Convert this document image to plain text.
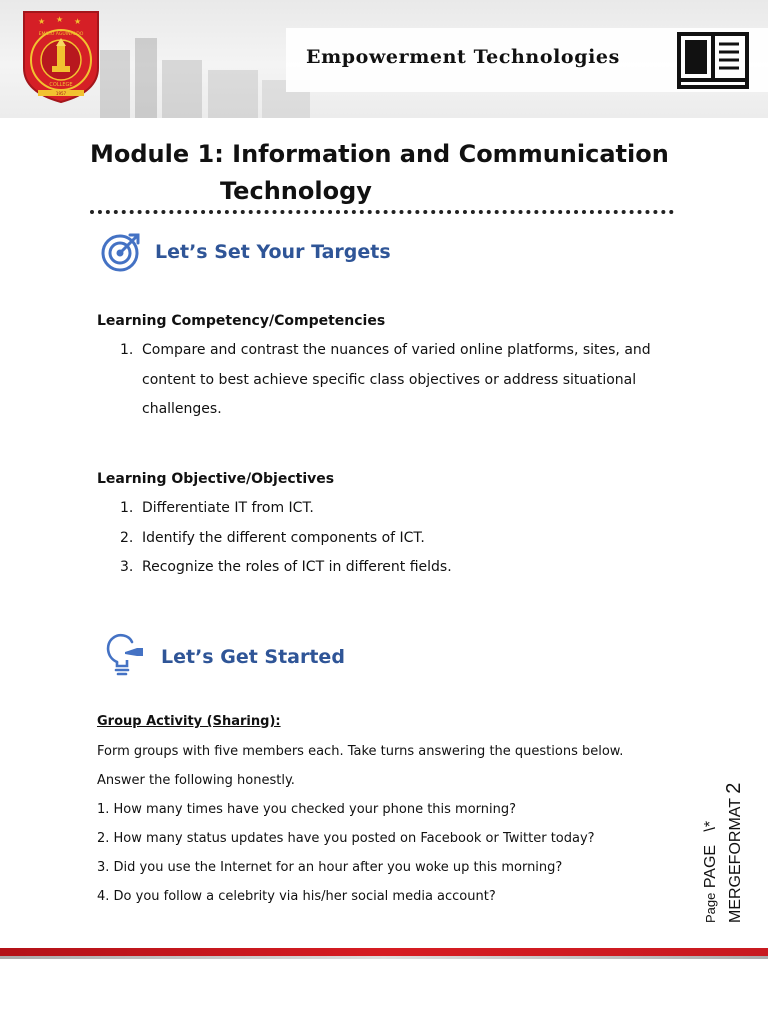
★ ★ ★
EMILIO AGUINALDO
COLLEGE
1957
Empowerment Technologies
Module 1: Information and Communication
Technology
Let’s Set Your Targets
Learning Competency/Competencies
1. Compare and contrast the nuances of varied online platforms, sites, and content to best achieve specific class objectives or address situational challenges.
Learning Objective/Objectives
1. Differentiate IT from ICT.
2. Identify the different components of ICT.
3. Recognize the roles of ICT in different fields.
Let’s Get Started
Group Activity (Sharing):
Form groups with five members each. Take turns answering the questions below.
Answer the following honestly.
1. How many times have you checked your phone this morning?
2. How many status updates have you posted on Facebook or Twitter today?
3. Did you use the Internet for an hour after you woke up this morning?
4. Do you follow a celebrity via his/her social media account?	Page PAGE   \* MERGEFORMAT 2
